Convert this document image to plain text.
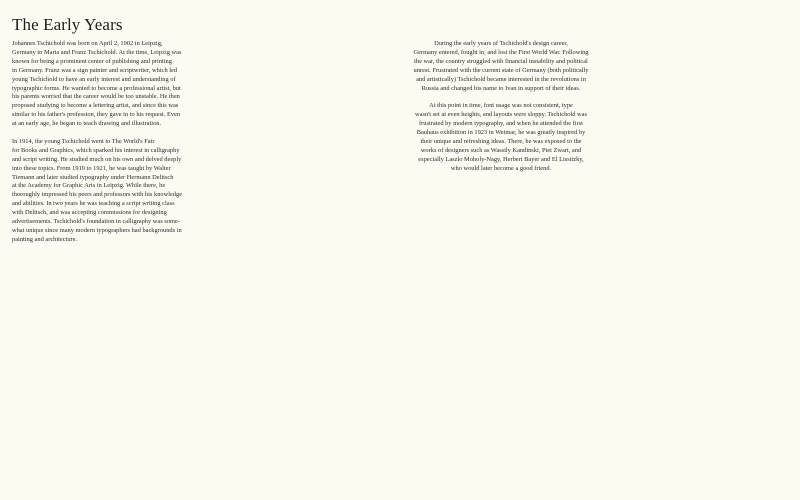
The Early Years

Johannes Tschichold was born on April 2, 1902 in Leipzig,
Germany to Maria and Franz Tschichold. At the time, Leipzig was
known for being a prominent center of publishing and printing
in Germany. Franz was a sign painter and scriptwriter, which led
young Tschichold to have an early interest and understanding of
typographic forms. He wanted to become a professional artist, but
his parents worried that the career would be too unstable. He then
proposed studying to become a lettering artist, and since this was
similar to his father's profession, they gave in to his request. Even
at an early age, he began to teach drawing and illustration.

In 1914, the young Tschichold went to The World's Fair
for Books and Graphics, which sparked his interest in calligraphy
and script writing. He studied much on his own and delved deeply
into these topics. From 1919 to 1921, he was taught by Walter
Tiemann and later studied typography under Hermann Delitsch
at the Academy for Graphic Arts in Leipzig. While there, he
thoroughly impressed his peers and professors with his knowledge
and abilities. In two years he was teaching a script writing class
with Delitsch, and was accepting commissions for designing
advertisements. Tschichold's foundation in calligraphy was some-
what unique since many modern typographers had backgrounds in
painting and architecture.

During the early years of Tschichold's design career,
Germany entered, fought in, and lost the First World War. Following
the war, the country struggled with financial instability and political
unrest. Frustrated with the current state of Germany (both politically
and artistically) Tschichold became interested in the revolutions in
Russia and changed his name to Ivan in support of their ideas.

At this point in time, font usage was not consistent, type
wasn't set at even heights, and layouts were sloppy. Tschichold was
frustrated by modern typography, and when he attended the first
Bauhaus exhibition in 1923 in Weimar, he was greatly inspired by
their unique and refreshing ideas. There, he was exposed to the
works of designers such as Wassily Kandinski, Piet Zwart, and
especially Laszlo Moholy-Nagy, Herbert Bayer and El Lissitzky,
who would later become a good friend.
